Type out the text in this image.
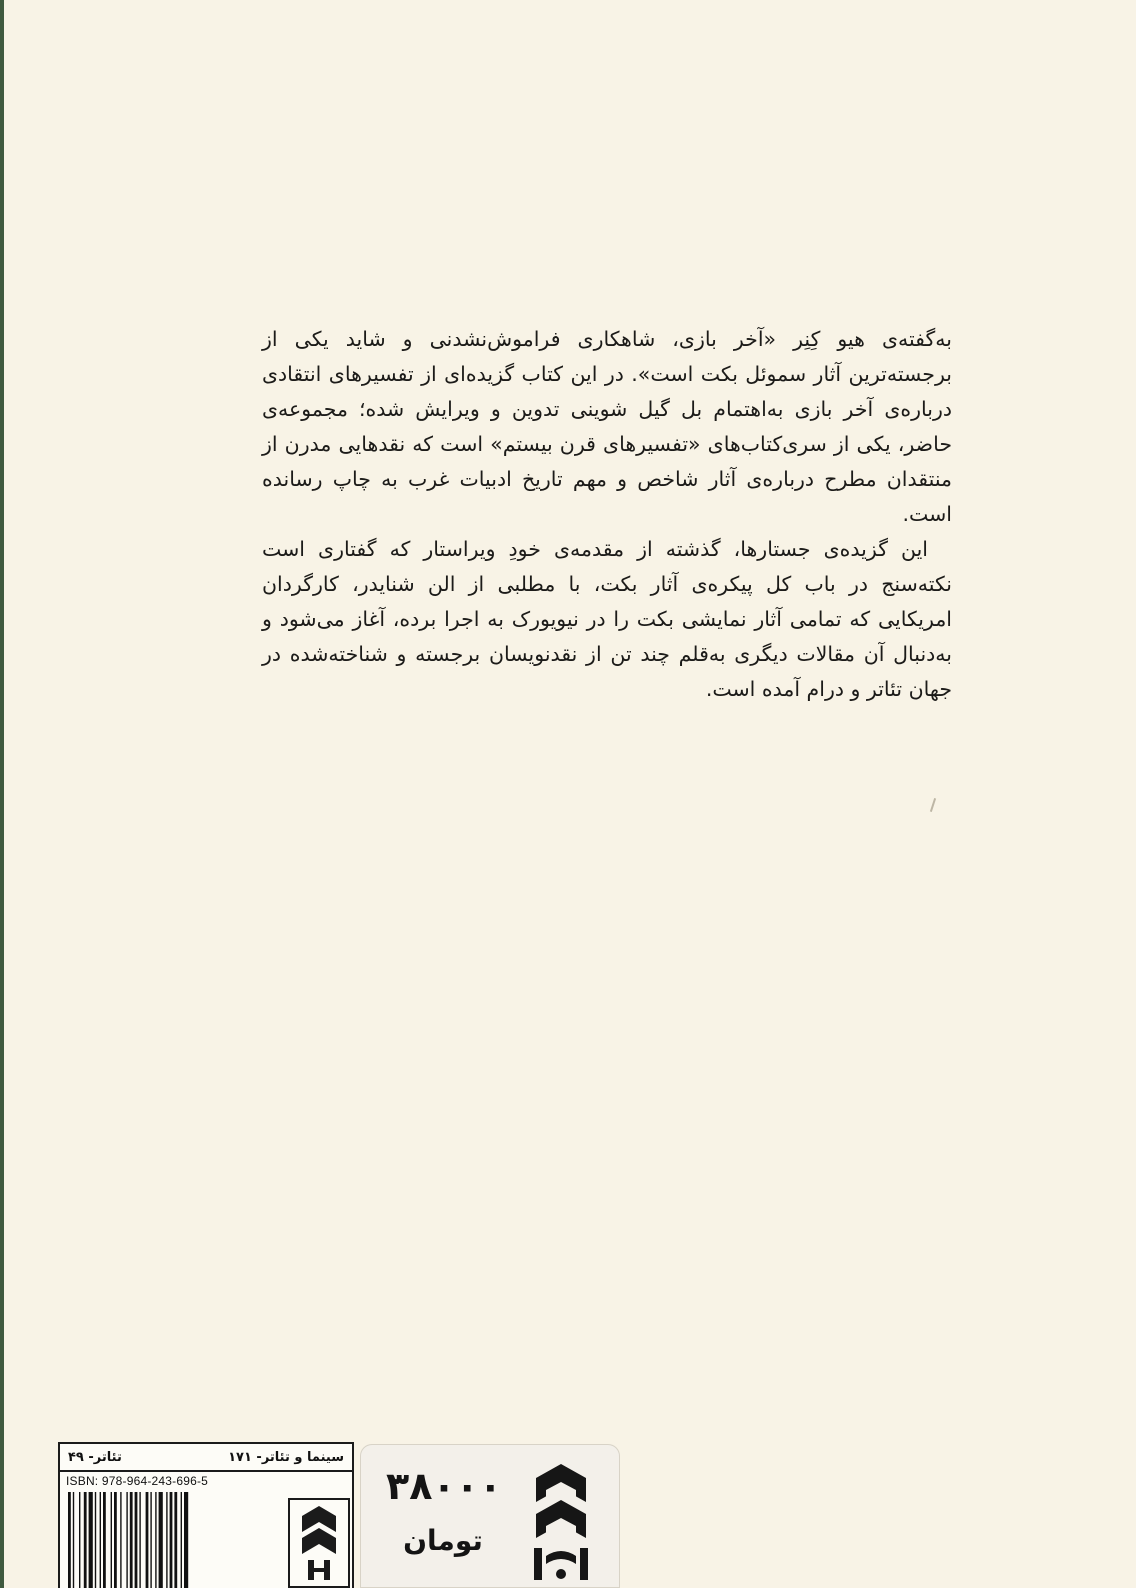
به‌گفته‌ی هیو کِنِر «آخر بازی، شاهکاری فراموش‌نشدنی و شاید یکی از برجسته‌ترین آثار سموئل بکت است». در این کتاب گزیده‌ای از تفسیرهای انتقادی درباره‌ی آخر بازی به‌اهتمام بل گیل شوینی تدوین و ویرایش شده؛ مجموعه‌ی حاضر، یکی از سری‌کتاب‌های «تفسیرهای قرن بیستم» است که نقدهایی مدرن از منتقدان مطرح درباره‌ی آثار شاخص و مهم تاریخ ادبیات غرب به چاپ رسانده است.

این گزیده‌ی جستارها، گذشته از مقدمه‌ی خودِ ویراستار که گفتاری است نکته‌سنج در باب کل پیکره‌ی آثار بکت، با مطلبی از الن شنایدر، کارگردان امریکایی که تمامی آثار نمایشی بکت را در نیویورک به اجرا برده، آغاز می‌شود و به‌دنبال آن مقالات دیگری به‌قلم چند تن از نقدنویسان برجسته و شناخته‌شده در جهان تئاتر و درام آمده است.

سینما و تئاتر- ۱۷۱
تئاتر- ۴۹
ISBN: 978-964-243-696-5	۳۸۰۰۰
تومان
